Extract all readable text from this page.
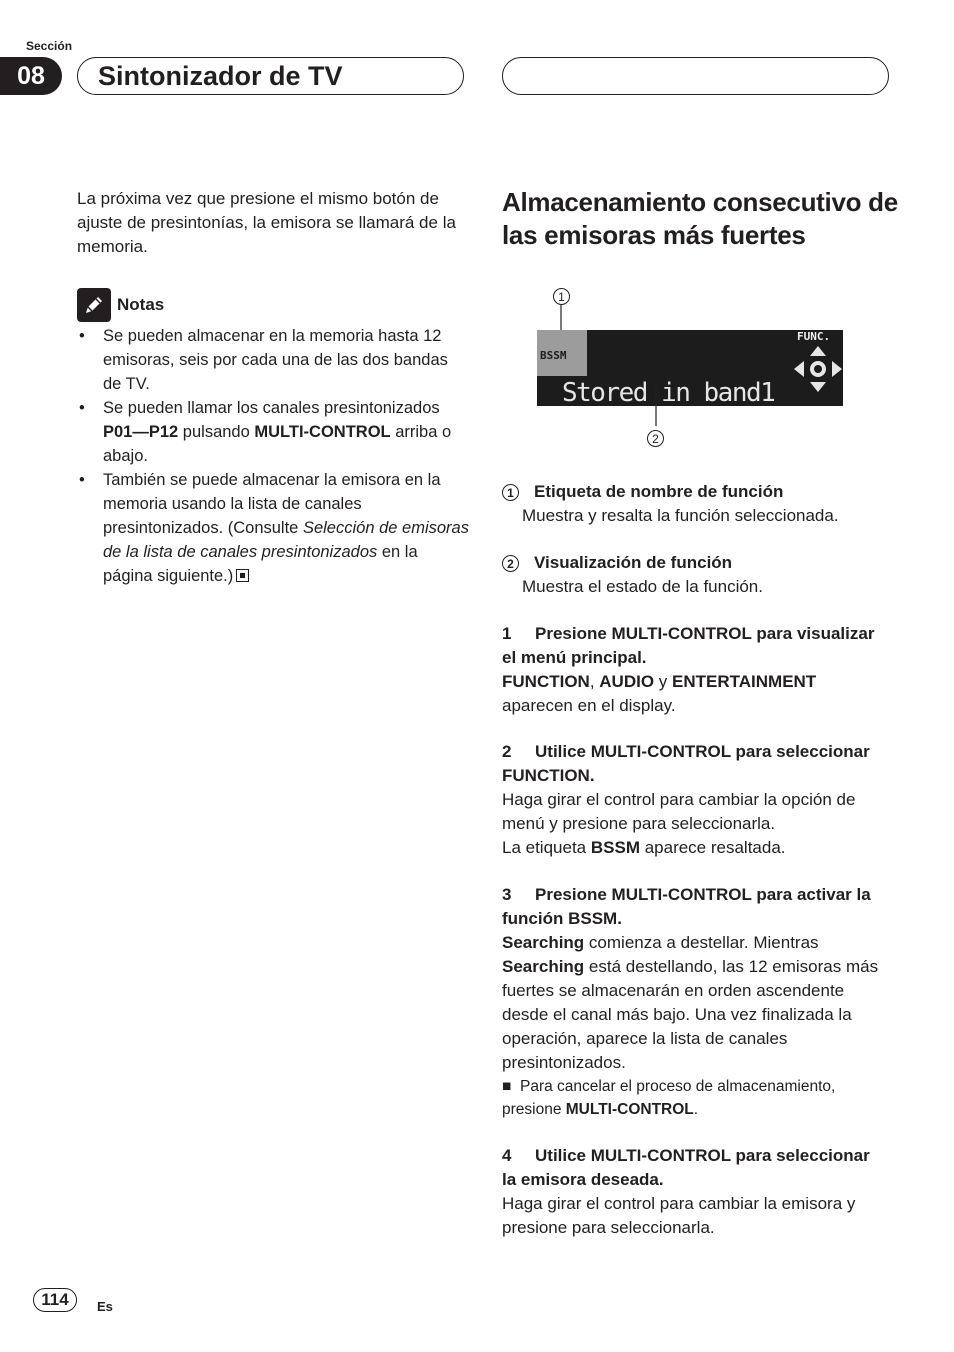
Sección
08	Sintonizador de TV
La próxima vez que presione el mismo botón de ajuste de presintonías, la emisora se llamará de la memoria.
Notas
• Se pueden almacenar en la memoria hasta 12 emisoras, seis por cada una de las dos bandas de TV.
• Se pueden llamar los canales presintonizados P01—P12 pulsando MULTI-CONTROL arriba o abajo.
• También se puede almacenar la emisora en la memoria usando la lista de canales presintonizados. (Consulte Selección de emisoras de la lista de canales presintonizados en la página siguiente.)
Almacenamiento consecutivo de las emisoras más fuertes
1
BSSM
Stored in band1
FUNC.
2
1	Etiqueta de nombre de función
Muestra y resalta la función seleccionada.
2	Visualización de función
Muestra el estado de la función.
1 Presione MULTI-CONTROL para visualizar el menú principal.
FUNCTION, AUDIO y ENTERTAINMENT aparecen en el display.
2 Utilice MULTI-CONTROL para seleccionar FUNCTION.
Haga girar el control para cambiar la opción de menú y presione para seleccionarla.
La etiqueta BSSM aparece resaltada.
3 Presione MULTI-CONTROL para activar la función BSSM.
Searching comienza a destellar. Mientras Searching está destellando, las 12 emisoras más fuertes se almacenarán en orden ascendente desde el canal más bajo. Una vez finalizada la operación, aparece la lista de canales presintonizados.
■  Para cancelar el proceso de almacenamiento, presione MULTI-CONTROL.
4 Utilice MULTI-CONTROL para seleccionar la emisora deseada.
Haga girar el control para cambiar la emisora y presione para seleccionarla.
114	Es
